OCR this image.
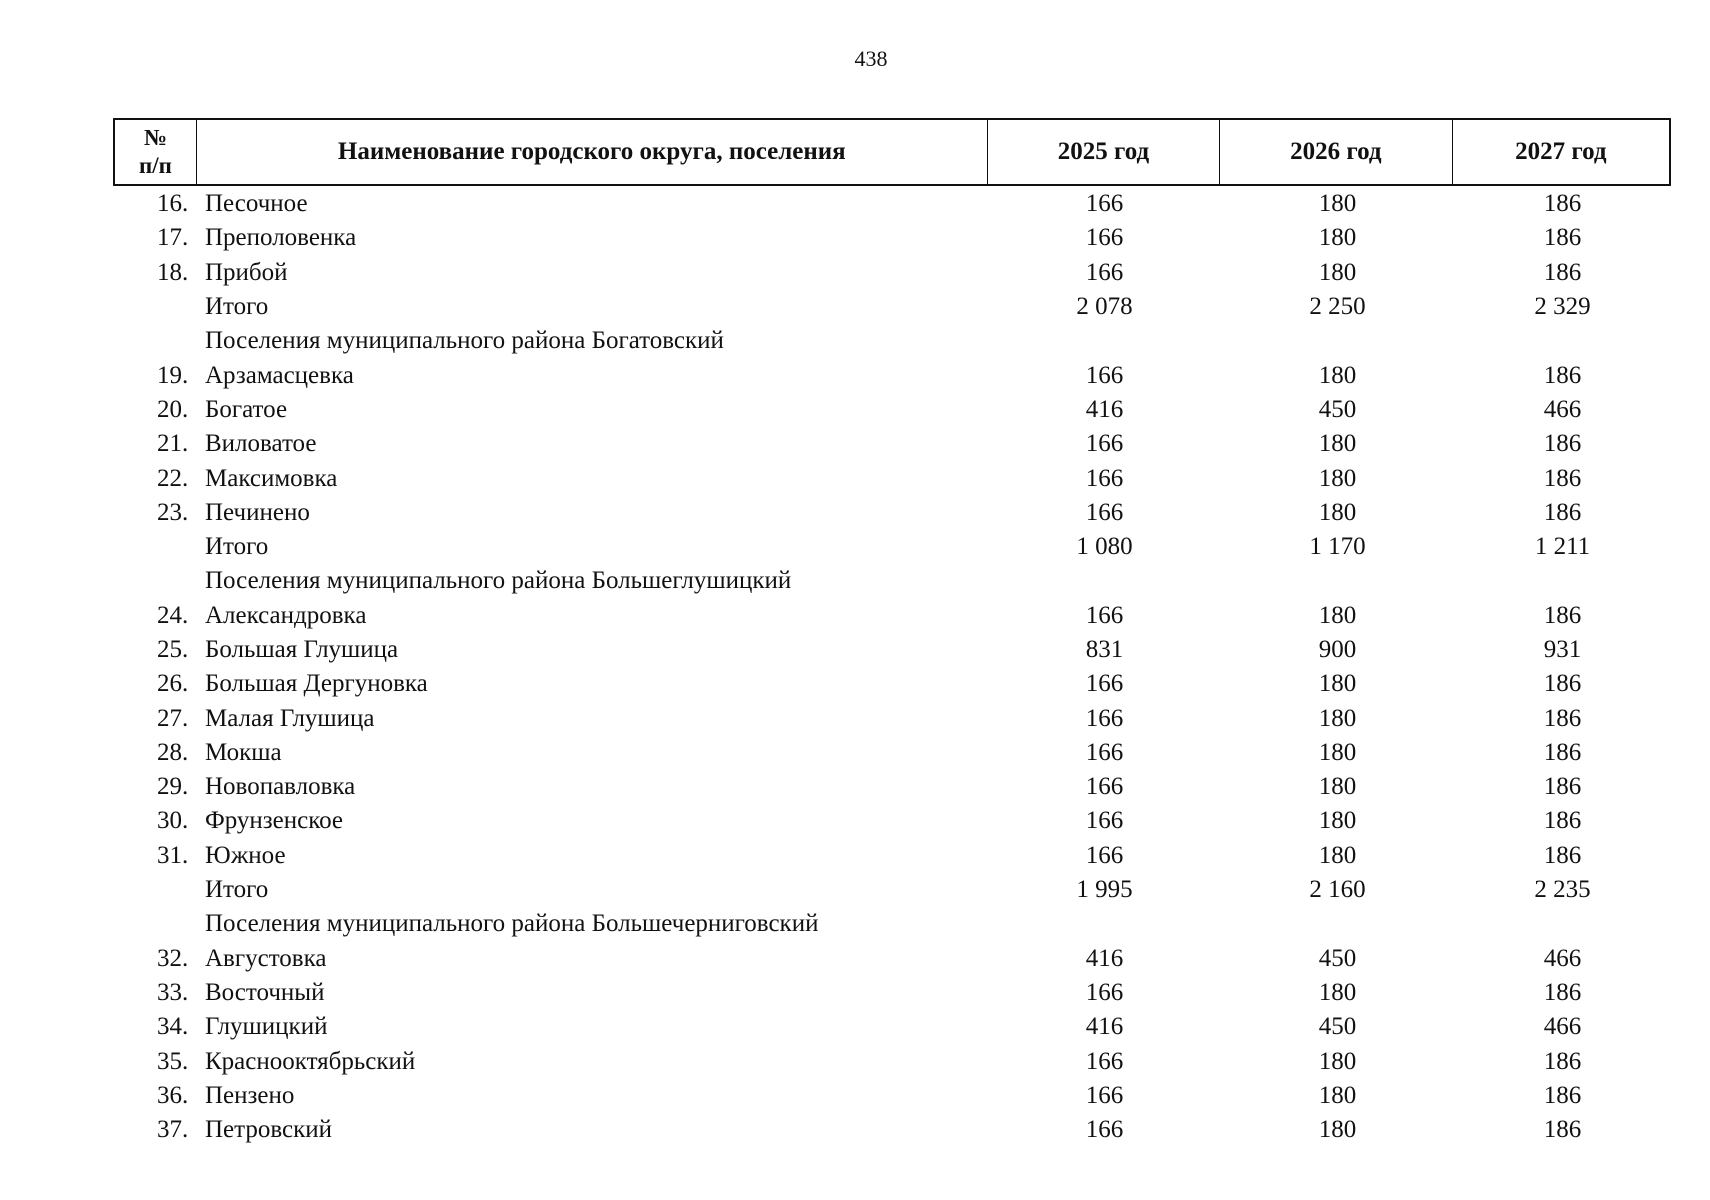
438
№
п/п
Наименование городского округа, поселения	2025 год	2026 год	2027 год
16. Песочное	166	180	186
17. Преполовенка	166	180	186
18. Прибой	166	180	186
Итого	2 078	2 250	2 329
Поселения муниципального района Богатовский
19. Арзамасцевка	166	180	186
20. Богатое	416	450	466
21. Виловатое	166	180	186
22. Максимовка	166	180	186
23. Печинено	166	180	186
Итого	1 080	1 170	1 211
Поселения муниципального района Большеглушицкий
24. Александровка	166	180	186
25. Большая Глушица	831	900	931
26. Большая Дергуновка	166	180	186
27. Малая Глушица	166	180	186
28. Мокша	166	180	186
29. Новопавловка	166	180	186
30. Фрунзенское	166	180	186
31. Южное	166	180	186
Итого	1 995	2 160	2 235
Поселения муниципального района Большечерниговский
32. Августовка	416	450	466
33. Восточный	166	180	186
34. Глушицкий	416	450	466
35. Краснооктябрьский	166	180	186
36. Пензено	166	180	186
37. Петровский	166	180	186
